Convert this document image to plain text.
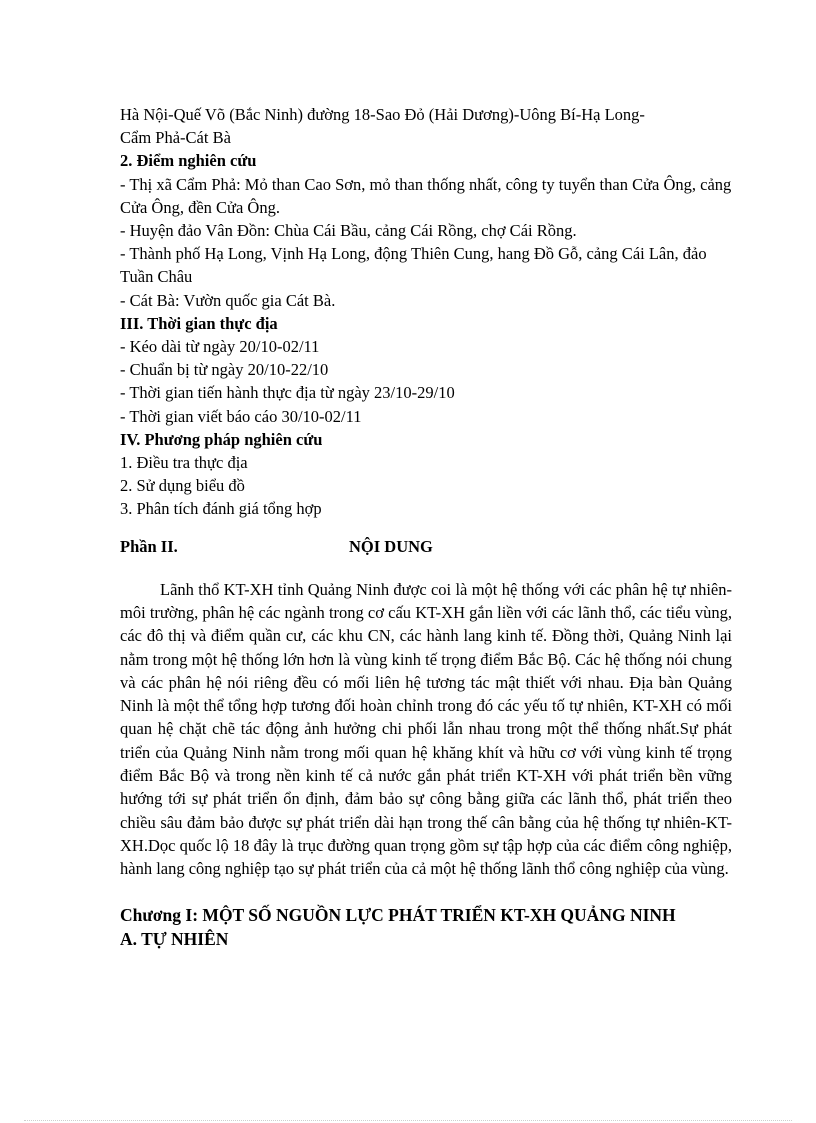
Hà Nội-Quế Võ (Bắc Ninh) đường 18-Sao Đỏ (Hải Dương)-Uông Bí-Hạ Long-
Cẩm Phả-Cát Bà
2. Điểm nghiên cứu
- Thị xã Cẩm Phả: Mỏ than Cao Sơn, mỏ than thống nhất, công ty tuyển than Cửa Ông, cảng Cửa Ông, đền Cửa Ông.
- Huyện đảo Vân Đồn: Chùa Cái Bầu, cảng Cái Rồng, chợ Cái Rồng.
- Thành phố Hạ Long, Vịnh Hạ Long, động Thiên Cung, hang Đồ Gỗ, cảng Cái Lân, đảo Tuần Châu
- Cát Bà: Vườn quốc gia Cát Bà.
III. Thời gian thực địa
- Kéo dài từ ngày 20/10-02/11
- Chuẩn bị từ ngày 20/10-22/10
- Thời gian tiến hành thực địa từ ngày 23/10-29/10
- Thời gian viết báo cáo 30/10-02/11
IV. Phương pháp nghiên cứu
1. Điều tra thực địa
2. Sử dụng biểu đồ
3. Phân tích đánh giá tổng hợp
Phần II.	NỘI DUNG
Lãnh thổ KT-XH tỉnh Quảng Ninh được coi là một hệ thống với các phân hệ tự nhiên-môi trường, phân hệ các ngành trong cơ cấu KT-XH gắn liền với các lãnh thổ, các tiểu vùng, các đô thị và điểm quần cư, các khu CN, các hành lang kinh tế. Đồng thời, Quảng Ninh lại nằm trong một hệ thống lớn hơn là vùng kinh tế trọng điểm Bắc Bộ. Các hệ thống nói chung và các phân hệ nói riêng đều có mối liên hệ tương tác mật thiết với nhau. Địa bàn Quảng Ninh là một thể tổng hợp tương đối hoàn chỉnh trong đó các yếu tố tự nhiên, KT-XH có mối quan hệ chặt chẽ tác động ảnh hưởng chi phối lẫn nhau trong một thể thống nhất.Sự phát triển của Quảng Ninh nằm trong mối quan hệ khăng khít và hữu cơ với vùng kinh tế trọng điểm Bắc Bộ và trong nền kinh tế cả nước gắn phát triển KT-XH với phát triển bền vững hướng tới sự phát triển ổn định, đảm bảo sự công bằng giữa các lãnh thổ, phát triển theo chiều sâu đảm bảo được sự phát triển dài hạn trong thế cân bằng của hệ thống tự nhiên-KT-XH.Dọc quốc lộ 18 đây là trục đường quan trọng gồm sự tập hợp của các điểm công nghiệp, hành lang công nghiệp tạo sự phát triển của cả một hệ thống lãnh thổ công nghiệp của vùng.
Chương I: MỘT SỐ NGUỒN LỰC PHÁT TRIỂN KT-XH QUẢNG NINH
A. TỰ NHIÊN
